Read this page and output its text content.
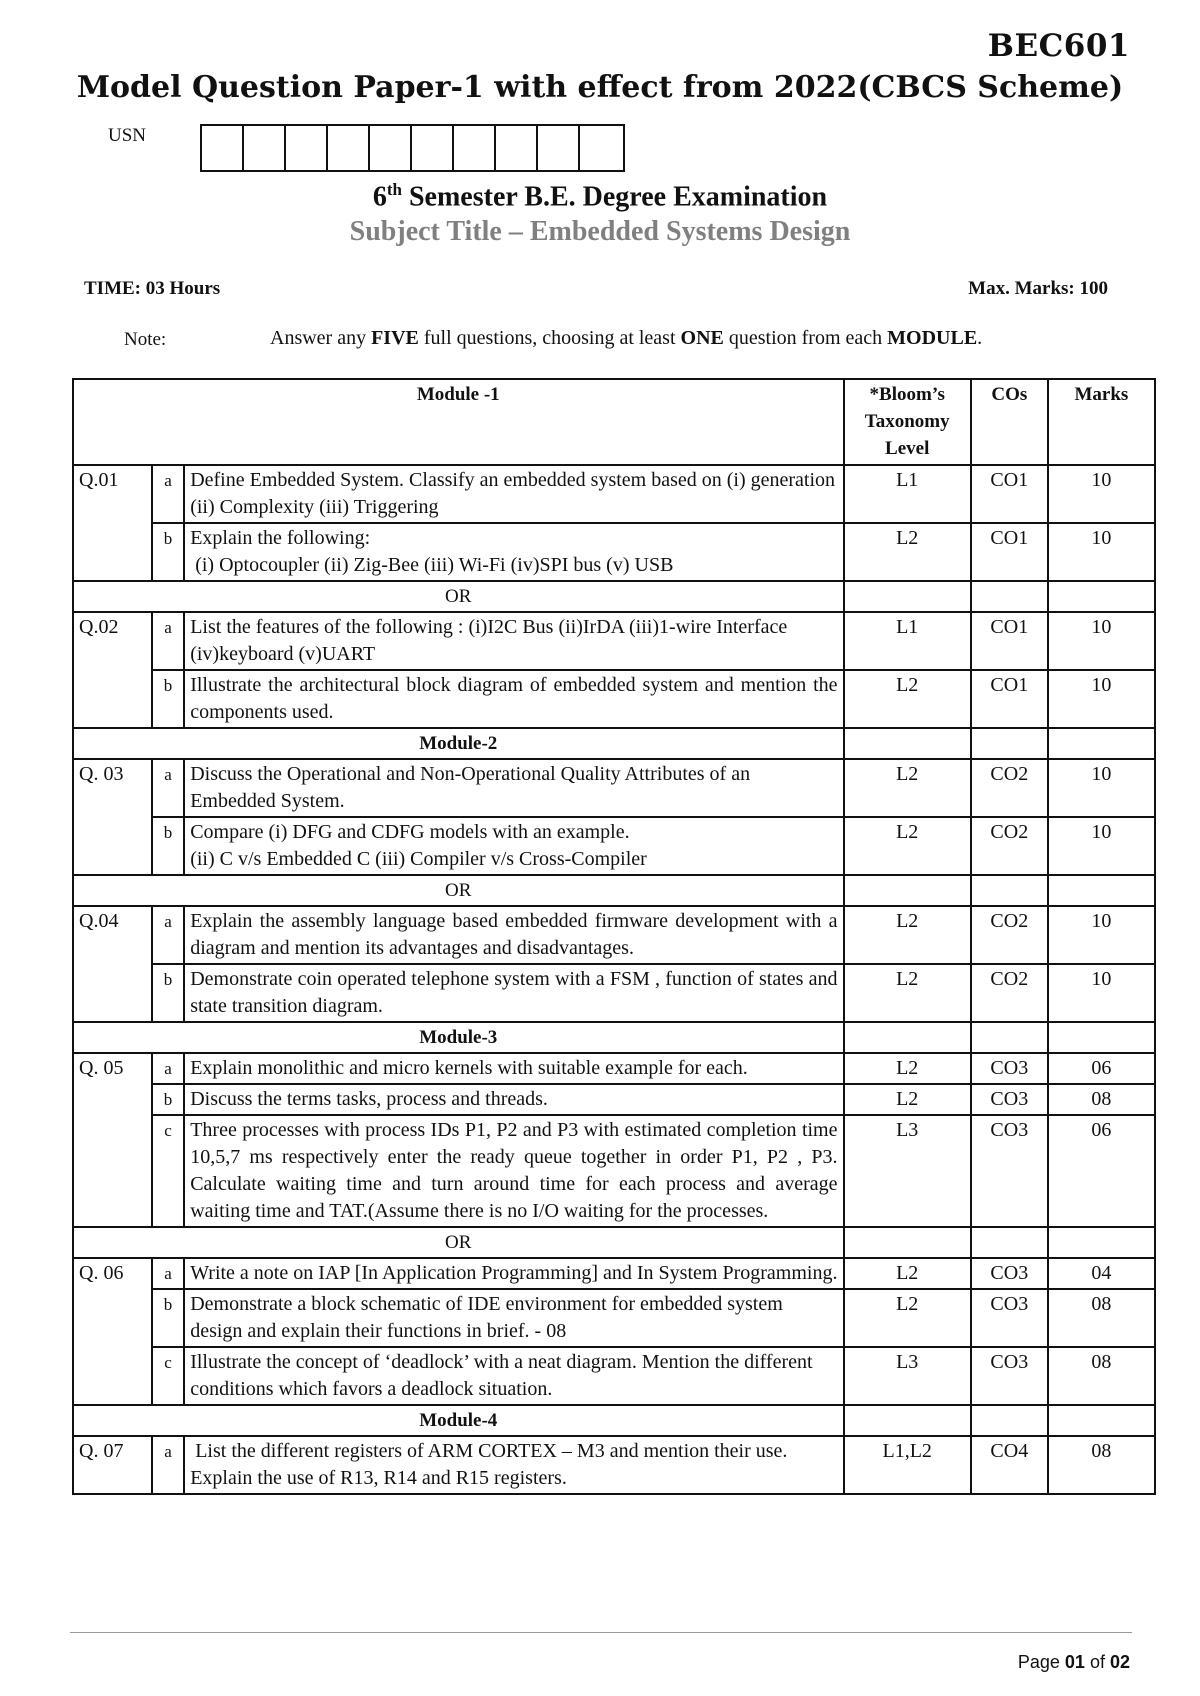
BEC601
Model Question Paper-1 with effect from 2022(CBCS Scheme)
USN
6th Semester B.E. Degree Examination
Subject Title – Embedded Systems Design
TIME: 03 Hours	Max. Marks: 100
Note:	Answer any FIVE full questions, choosing at least ONE question from each MODULE.
Module -1			*Bloom’s Taxonomy Level	COs	Marks
Q.01	a	Define Embedded System. Classify an embedded system based on (i) generation (ii) Complexity (iii) Triggering	L1	CO1	10
	b	Explain the following:
(i) Optocoupler (ii) Zig-Bee (iii) Wi-Fi (iv)SPI bus (v) USB	L2	CO1	10
OR					
Q.02	a	List the features of the following : (i)I2C Bus (ii)IrDA (iii)1-wire Interface (iv)keyboard (v)UART	L1	CO1	10
	b	Illustrate the architectural block diagram of embedded system and mention the components used.	L2	CO1	10
Module-2					
Q. 03	a	Discuss the Operational and Non-Operational Quality Attributes of an Embedded System.	L2	CO2	10
	b	Compare (i) DFG and CDFG models with an example.
(ii) C v/s Embedded C (iii) Compiler v/s Cross-Compiler	L2	CO2	10
OR					
Q.04	a	Explain the assembly language based embedded firmware development with a diagram and mention its advantages and disadvantages.	L2	CO2	10
	b	Demonstrate coin operated telephone system with a FSM , function of states and state transition diagram.	L2	CO2	10
Module-3					
Q. 05	a	Explain monolithic and micro kernels with suitable example for each.	L2	CO3	06
	b	Discuss the terms tasks, process and threads.	L2	CO3	08
	c	Three processes with process IDs P1, P2 and P3 with estimated completion time 10,5,7 ms respectively enter the ready queue together in order P1, P2 , P3. Calculate waiting time and turn around time for each process and average waiting time and TAT.(Assume there is no I/O waiting for the processes.	L3	CO3	06
OR					
Q. 06	a	Write a note on IAP [In Application Programming] and In System Programming.	L2	CO3	04
	b	Demonstrate a block schematic of IDE environment for embedded system design and explain their functions in brief. - 08	L2	CO3	08
	c	Illustrate the concept of ‘deadlock’ with a neat diagram. Mention the different conditions which favors a deadlock situation.	L3	CO3	08
Module-4					
Q. 07	a	List the different registers of ARM CORTEX – M3 and mention their use. Explain the use of R13, R14 and R15 registers.	L1,L2	CO4	08
Page 01 of 02
